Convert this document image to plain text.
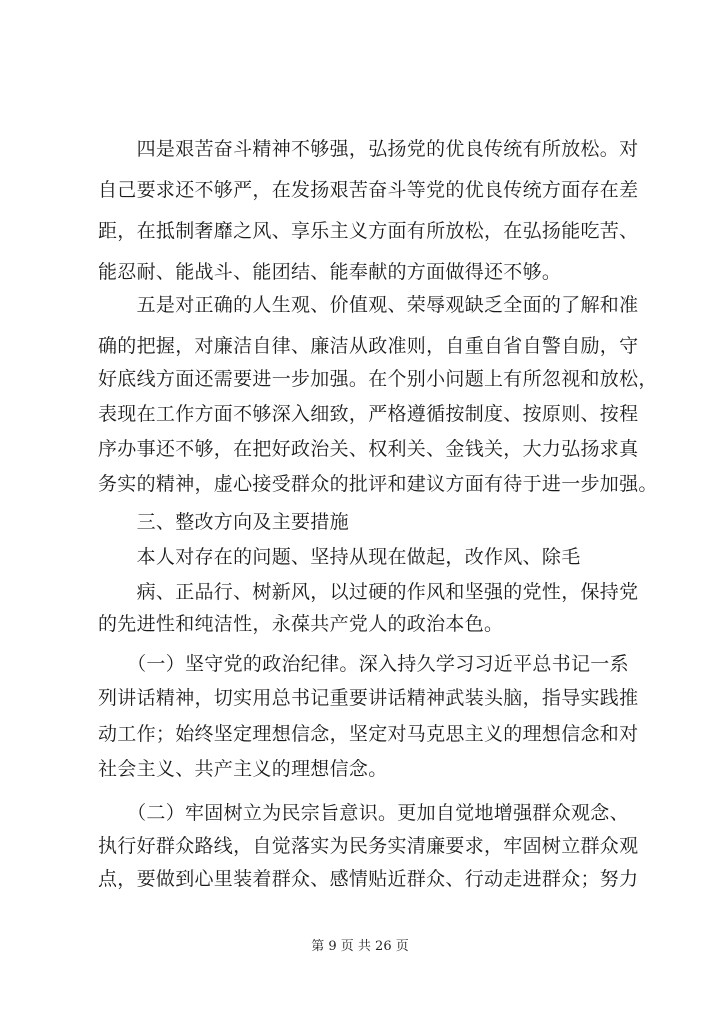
　　四是艰苦奋斗精神不够强，弘扬党的优良传统有所放松。对
自己要求还不够严，在发扬艰苦奋斗等党的优良传统方面存在差
距，在抵制奢靡之风、享乐主义方面有所放松，在弘扬能吃苦、
能忍耐、能战斗、能团结、能奉献的方面做得还不够。
　　五是对正确的人生观、价值观、荣辱观缺乏全面的了解和准
确的把握，对廉洁自律、廉洁从政准则，自重自省自警自励，守
好底线方面还需要进一步加强。在个别小问题上有所忽视和放松，
表现在工作方面不够深入细致，严格遵循按制度、按原则、按程
序办事还不够，在把好政治关、权利关、金钱关，大力弘扬求真
务实的精神，虚心接受群众的批评和建议方面有待于进一步加强。
　　三、整改方向及主要措施
　　本人对存在的问题、坚持从现在做起，改作风、除毛
　　病、正品行、树新风，以过硬的作风和坚强的党性，保持党
的先进性和纯洁性，永葆共产党人的政治本色。
　　（一）坚守党的政治纪律。深入持久学习习近平总书记一系
列讲话精神，切实用总书记重要讲话精神武装头脑，指导实践推
动工作；始终坚定理想信念，坚定对马克思主义的理想信念和对
社会主义、共产主义的理想信念。
　　（二）牢固树立为民宗旨意识。更加自觉地增强群众观念、
执行好群众路线，自觉落实为民务实清廉要求，牢固树立群众观
点，要做到心里装着群众、感情贴近群众、行动走进群众；努力
第 9 页 共 26 页
